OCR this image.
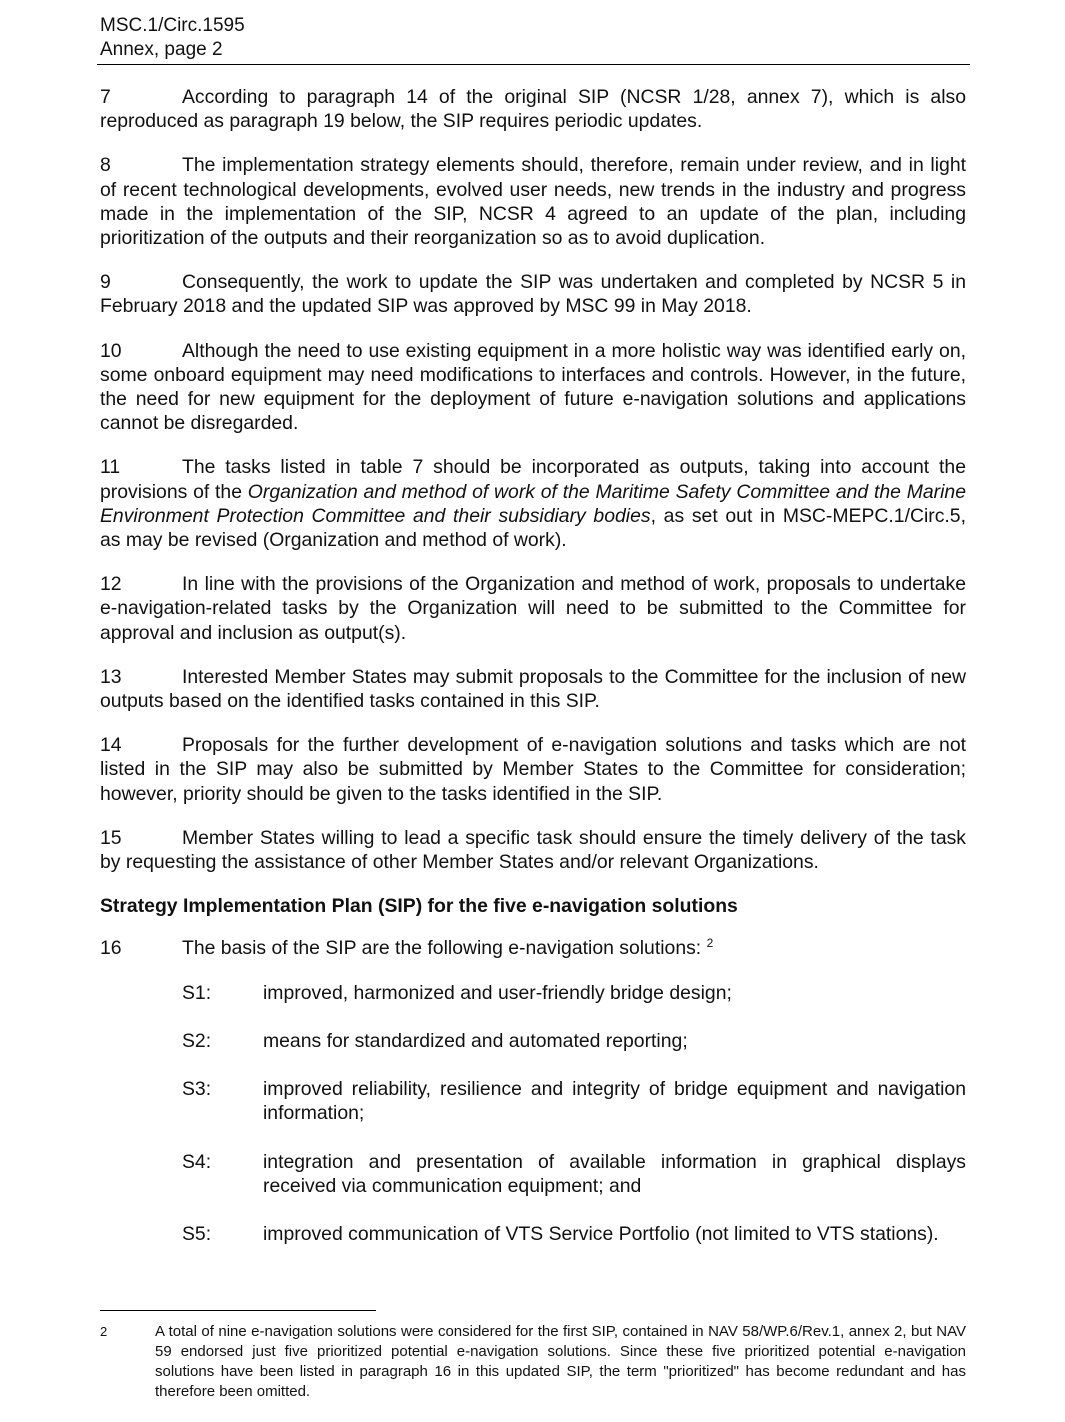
MSC.1/Circ.1595
Annex, page 2

7	According to paragraph 14 of the original SIP (NCSR 1/28, annex 7), which is also reproduced as paragraph 19 below, the SIP requires periodic updates.

8	The implementation strategy elements should, therefore, remain under review, and in light of recent technological developments, evolved user needs, new trends in the industry and progress made in the implementation of the SIP, NCSR 4 agreed to an update of the plan, including prioritization of the outputs and their reorganization so as to avoid duplication.

9	Consequently, the work to update the SIP was undertaken and completed by NCSR 5 in February 2018 and the updated SIP was approved by MSC 99 in May 2018.

10	Although the need to use existing equipment in a more holistic way was identified early on, some onboard equipment may need modifications to interfaces and controls. However, in the future, the need for new equipment for the deployment of future e-navigation solutions and applications cannot be disregarded.

11	The tasks listed in table 7 should be incorporated as outputs, taking into account the provisions of the Organization and method of work of the Maritime Safety Committee and the Marine Environment Protection Committee and their subsidiary bodies, as set out in MSC-MEPC.1/Circ.5, as may be revised (Organization and method of work).

12	In line with the provisions of the Organization and method of work, proposals to undertake e-navigation-related tasks by the Organization will need to be submitted to the Committee for approval and inclusion as output(s).

13	Interested Member States may submit proposals to the Committee for the inclusion of new outputs based on the identified tasks contained in this SIP.

14	Proposals for the further development of e-navigation solutions and tasks which are not listed in the SIP may also be submitted by Member States to the Committee for consideration; however, priority should be given to the tasks identified in the SIP.

15	Member States willing to lead a specific task should ensure the timely delivery of the task by requesting the assistance of other Member States and/or relevant Organizations.

Strategy Implementation Plan (SIP) for the five e-navigation solutions

16	The basis of the SIP are the following e-navigation solutions: $^2$

S1:	improved, harmonized and user-friendly bridge design;
S2:	means for standardized and automated reporting;
S3:	improved reliability, resilience and integrity of bridge equipment and navigation information;
S4:	integration and presentation of available information in graphical displays received via communication equipment; and
S5:	improved communication of VTS Service Portfolio (not limited to VTS stations).
2	A total of nine e-navigation solutions were considered for the first SIP, contained in NAV 58/WP.6/Rev.1, annex 2, but NAV 59 endorsed just five prioritized potential e-navigation solutions. Since these five prioritized potential e-navigation solutions have been listed in paragraph 16 in this updated SIP, the term "prioritized" has become redundant and has therefore been omitted.
